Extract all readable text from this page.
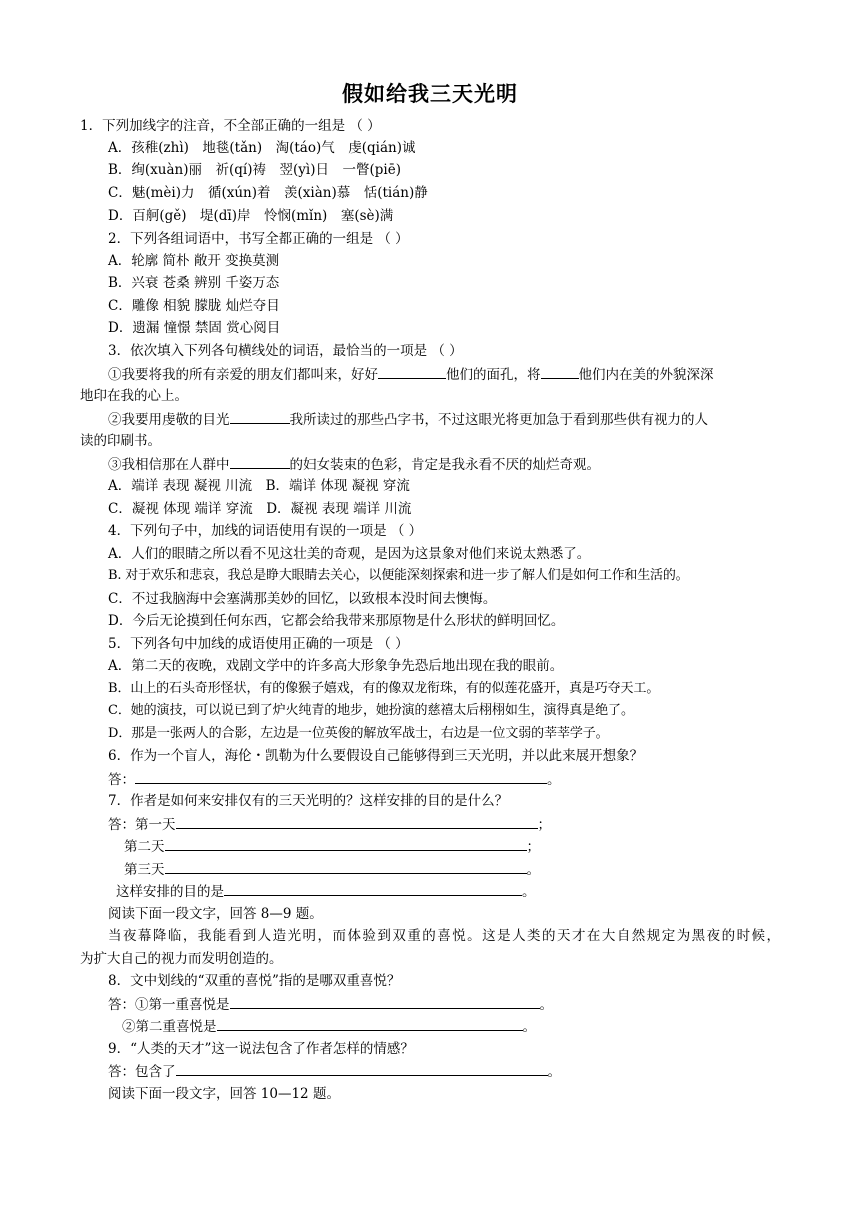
假如给我三天光明
1．下列加线字的注音，不全部正确的一组是 （ ）
A．孩稚(zhì)　地毯(tǎn)　淘(táo)气　虔(qián)诚
B．绚(xuàn)丽　祈(qí)祷　翌(yì)日　一瞥(piē)
C．魅(mèi)力　循(xún)着　羡(xiàn)慕　恬(tián)静
D．百舸(gě)　堤(dī)岸　怜悯(mǐn)　塞(sè)满
2．下列各组词语中，书写全都正确的一组是 （ ）
A．轮廓 简朴 敞开 变换莫测
B．兴衰 苍桑 辨别 千姿万态
C．雕像 相貌 朦胧 灿烂夺目
D．遗漏 憧憬 禁固 赏心阅目
3．依次填入下列各句横线处的词语，最恰当的一项是 （ ）
①我要将我的所有亲爱的朋友们都叫来，好好	他们的面孔，将	他们内在美的外貌深深
地印在我的心上。
②我要用虔敬的目光	我所读过的那些凸字书，不过这眼光将更加急于看到那些供有视力的人
读的印刷书。
③我相信那在人群中	的妇女装束的色彩，肯定是我永看不厌的灿烂奇观。
A．端详 表现 凝视 川流　B．端详 体现 凝视 穿流
C．凝视 体现 端详 穿流　D．凝视 表现 端详 川流
4．下列句子中，加线的词语使用有误的一项是 （ ）
A．人们的眼睛之所以看不见这壮美的奇观，是因为这景象对他们来说太熟悉了。
B. 对于欢乐和悲哀，我总是睁大眼睛去关心，以便能深刻探索和进一步了解人们是如何工作和生活的。
C．不过我脑海中会塞满那美妙的回忆，以致根本没时间去懊悔。
D．今后无论摸到任何东西，它都会给我带来那原物是什么形状的鲜明回忆。
5．下列各句中加线的成语使用正确的一项是 （ ）
A．第二天的夜晚，戏剧文学中的许多高大形象争先恐后地出现在我的眼前。
B．山上的石头奇形怪状，有的像猴子嬉戏，有的像双龙衔珠，有的似莲花盛开，真是巧夺天工。
C．她的演技，可以说已到了炉火纯青的地步，她扮演的慈禧太后栩栩如生，演得真是绝了。
D．那是一张两人的合影，左边是一位英俊的解放军战士，右边是一位文弱的莘莘学子。
6．作为一个盲人，海伦・凯勒为什么要假设自己能够得到三天光明，并以此来展开想象？
答：	。
7．作者是如何来安排仅有的三天光明的？这样安排的目的是什么？
答：第一天	；
第二天	；
第三天	。
这样安排的目的是	。
阅读下面一段文字，回答 8—9 题。
当夜幕降临，我能看到人造光明，而体验到双重的喜悦。这是人类的天才在大自然规定为黑夜的时候，
为扩大自己的视力而发明创造的。
8．文中划线的“双重的喜悦”指的是哪双重喜悦？
答：①第一重喜悦是	。
②第二重喜悦是	。
9．“人类的天才”这一说法包含了作者怎样的情感？
答：包含了	。
阅读下面一段文字，回答 10—12 题。
